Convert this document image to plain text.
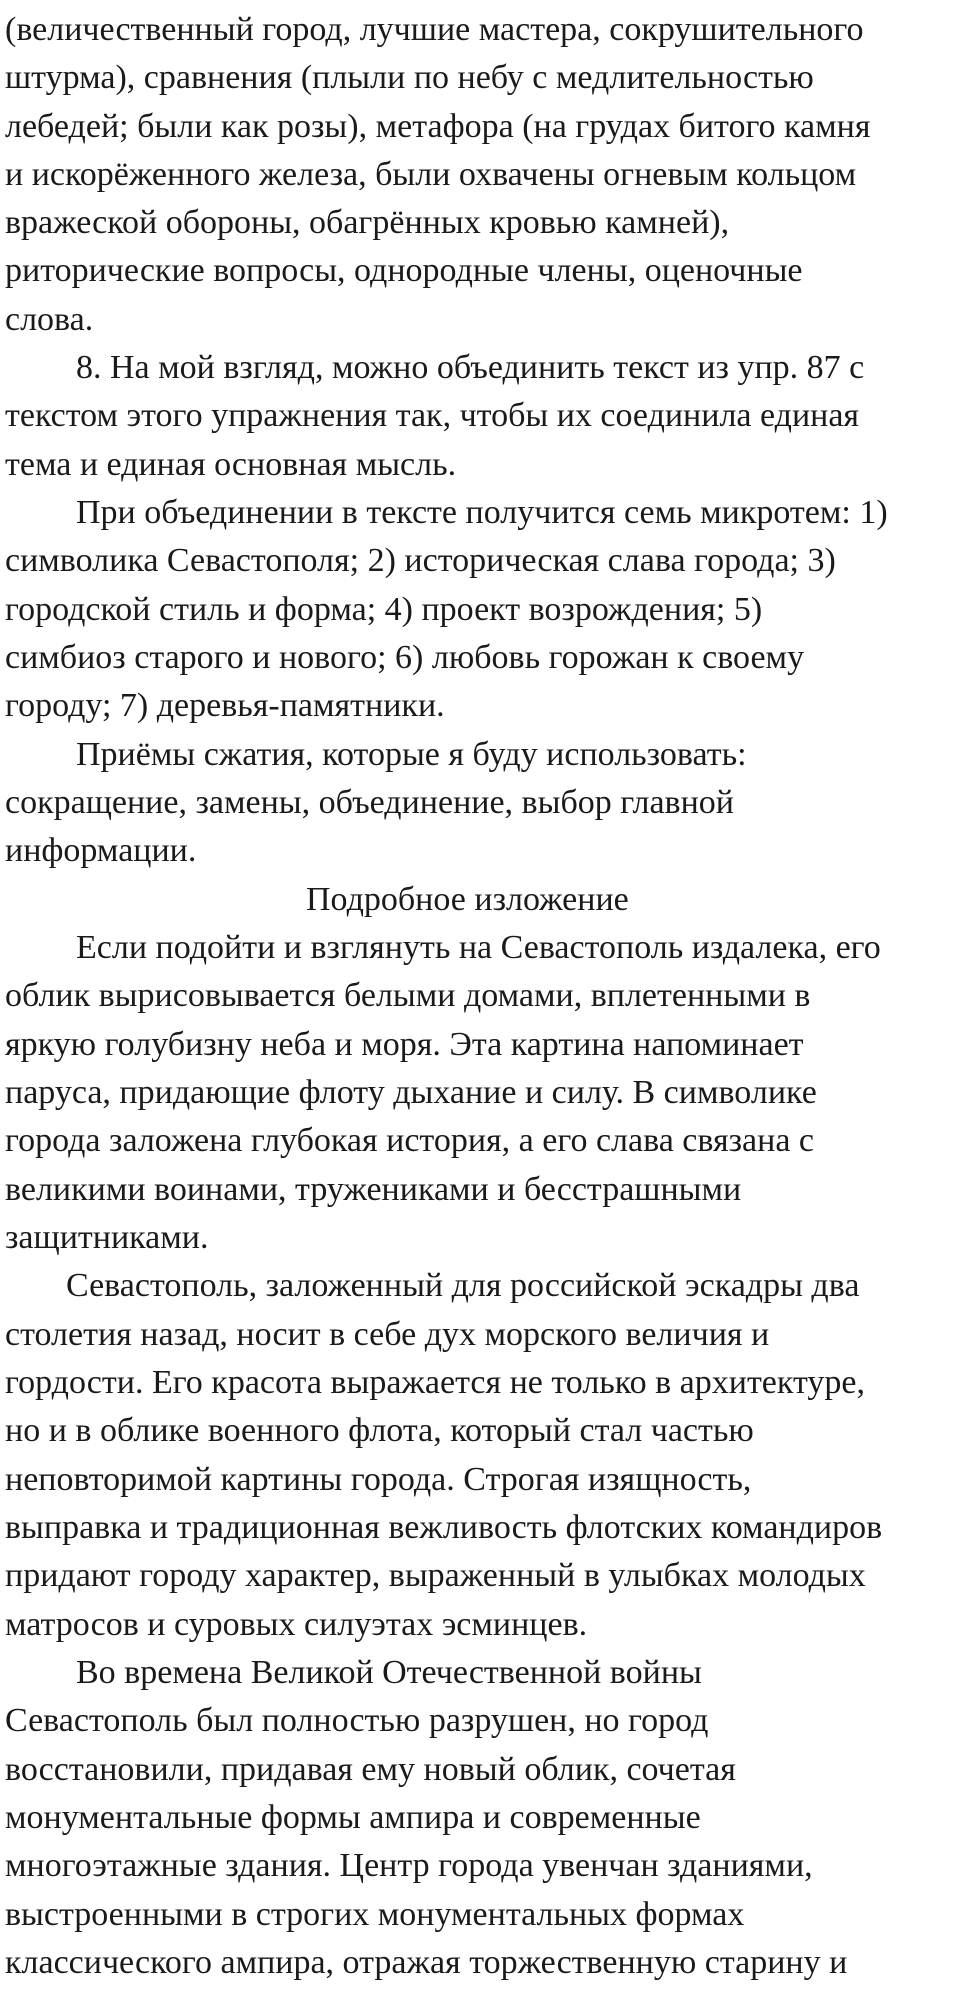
(величественный город, лучшие мастера, сокрушительного
штурма), сравнения (плыли по небу с медлительностью
лебедей; были как розы), метафора (на грудах битого камня
и искорёженного железа, были охвачены огневым кольцом
вражеской обороны, обагрённых кровью камней),
риторические вопросы, однородные члены, оценочные
слова.
8. На мой взгляд, можно объединить текст из упр. 87 с
текстом этого упражнения так, чтобы их соединила единая
тема и единая основная мысль.
При объединении в тексте получится семь микротем: 1)
символика Севастополя; 2) историческая слава города; 3)
городской стиль и форма; 4) проект возрождения; 5)
симбиоз старого и нового; 6) любовь горожан к своему
городу; 7) деревья-памятники.
Приёмы сжатия, которые я буду использовать:
сокращение, замены, объединение, выбор главной
информации.
Подробное изложение
Если подойти и взглянуть на Севастополь издалека, его
облик вырисовывается белыми домами, вплетенными в
яркую голубизну неба и моря. Эта картина напоминает
паруса, придающие флоту дыхание и силу. В символике
города заложена глубокая история, а его слава связана с
великими воинами, тружениками и бесстрашными
защитниками.
Севастополь, заложенный для российской эскадры два
столетия назад, носит в себе дух морского величия и
гордости. Его красота выражается не только в архитектуре,
но и в облике военного флота, который стал частью
неповторимой картины города. Строгая изящность,
выправка и традиционная вежливость флотских командиров
придают городу характер, выраженный в улыбках молодых
матросов и суровых силуэтах эсминцев.
Во времена Великой Отечественной войны
Севастополь был полностью разрушен, но город
восстановили, придавая ему новый облик, сочетая
монументальные формы ампира и современные
многоэтажные здания. Центр города увенчан зданиями,
выстроенными в строгих монументальных формах
классического ампира, отражая торжественную старину и
